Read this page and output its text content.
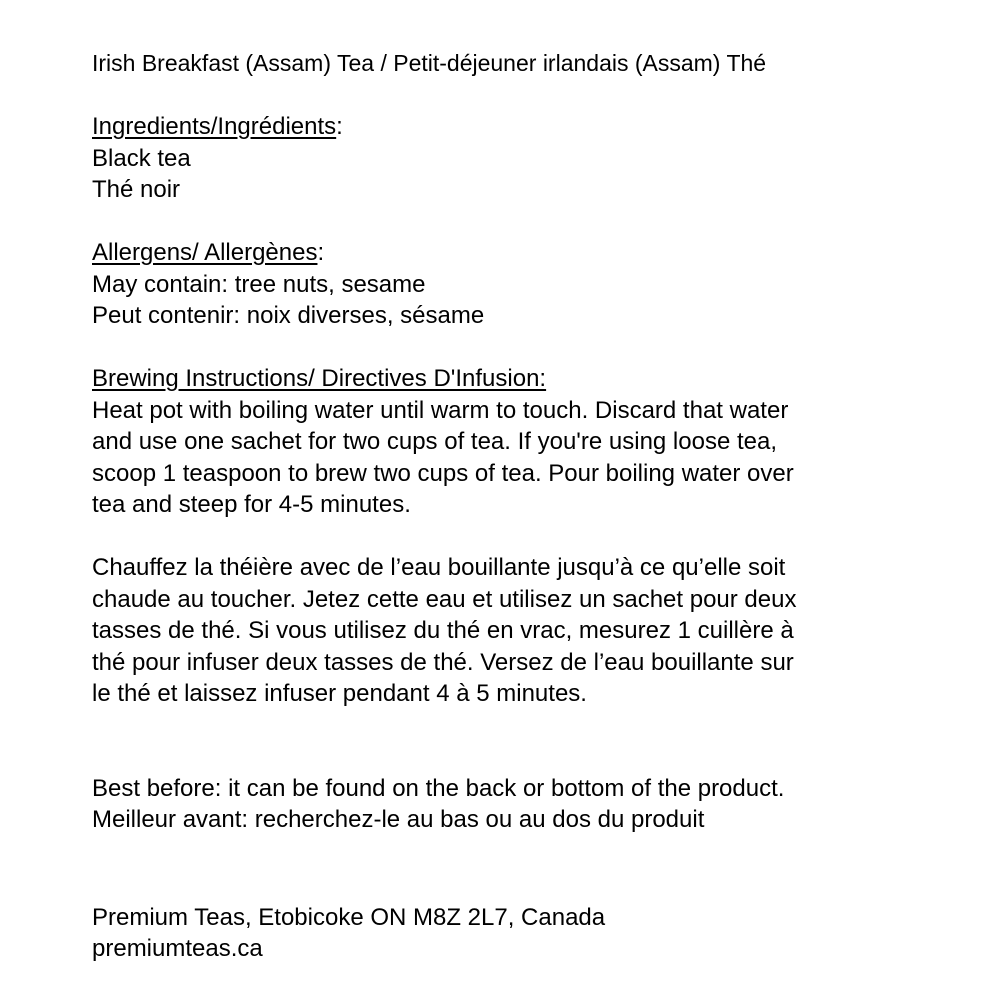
Irish Breakfast (Assam) Tea / Petit-déjeuner irlandais (Assam) Thé
Ingredients/Ingrédients:
Black tea
Thé noir
Allergens/ Allergènes:
May contain: tree nuts, sesame
Peut contenir: noix diverses, sésame
Brewing Instructions/ Directives D'Infusion:
Heat pot with boiling water until warm to touch. Discard that water
and use one sachet for two cups of tea. If you're using loose tea,
scoop 1 teaspoon to brew two cups of tea. Pour boiling water over
tea and steep for 4-5 minutes.
Chauffez la théière avec de l’eau bouillante jusqu’à ce qu’elle soit
chaude au toucher. Jetez cette eau et utilisez un sachet pour deux
tasses de thé. Si vous utilisez du thé en vrac, mesurez 1 cuillère à
thé pour infuser deux tasses de thé. Versez de l’eau bouillante sur
le thé et laissez infuser pendant 4 à 5 minutes.
Best before: it can be found on the back or bottom of the product.
Meilleur avant: recherchez-le au bas ou au dos du produit
Premium Teas, Etobicoke ON M8Z 2L7, Canada
premiumteas.ca
